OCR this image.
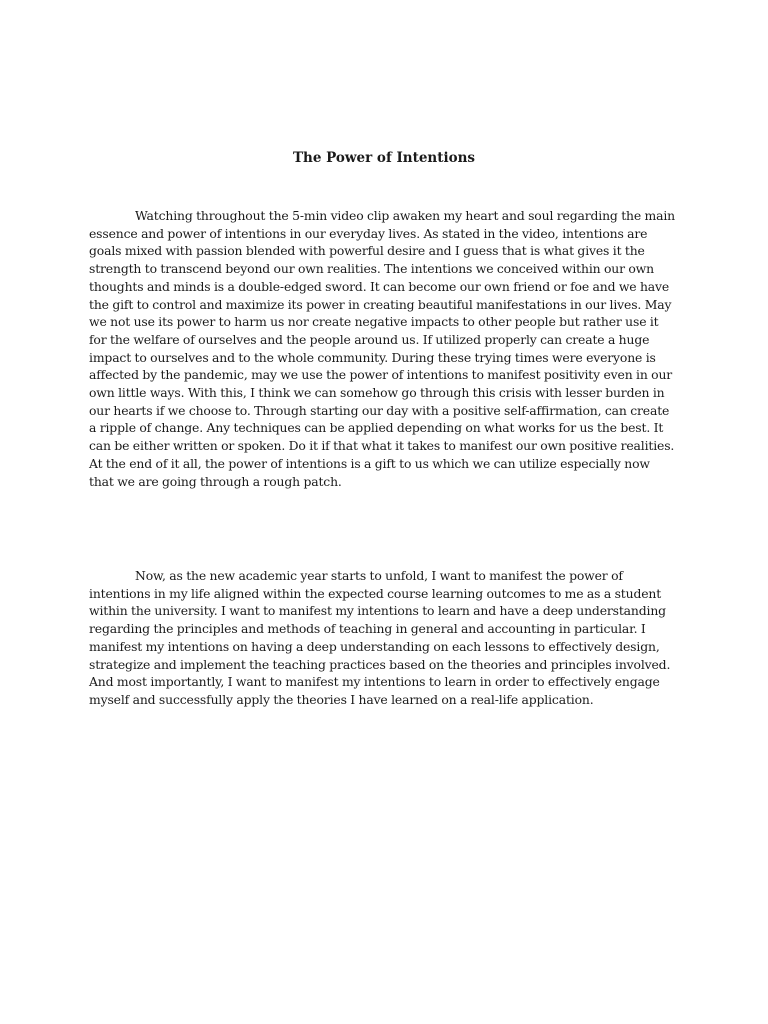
The Power of Intentions

Watching throughout the 5-min video clip awaken my heart and soul regarding the main essence and power of intentions in our everyday lives. As stated in the video, intentions are goals mixed with passion blended with powerful desire and I guess that is what gives it the strength to transcend beyond our own realities. The intentions we conceived within our own thoughts and minds is a double-edged sword. It can become our own friend or foe and we have the gift to control and maximize its power in creating beautiful manifestations in our lives. May we not use its power to harm us nor create negative impacts to other people but rather use it for the welfare of ourselves and the people around us. If utilized properly can create a huge impact to ourselves and to the whole community. During these trying times were everyone is affected by the pandemic, may we use the power of intentions to manifest positivity even in our own little ways. With this, I think we can somehow go through this crisis with lesser burden in our hearts if we choose to. Through starting our day with a positive self-affirmation, can create a ripple of change. Any techniques can be applied depending on what works for us the best. It can be either written or spoken. Do it if that what it takes to manifest our own positive realities. At the end of it all, the power of intentions is a gift to us which we can utilize especially now that we are going through a rough patch.

Now, as the new academic year starts to unfold, I want to manifest the power of intentions in my life aligned within the expected course learning outcomes to me as a student within the university. I want to manifest my intentions to learn and have a deep understanding regarding the principles and methods of teaching in general and accounting in particular. I manifest my intentions on having a deep understanding on each lessons to effectively design, strategize and implement the teaching practices based on the theories and principles involved. And most importantly, I want to manifest my intentions to learn in order to effectively engage myself and successfully apply the theories I have learned on a real-life application.
